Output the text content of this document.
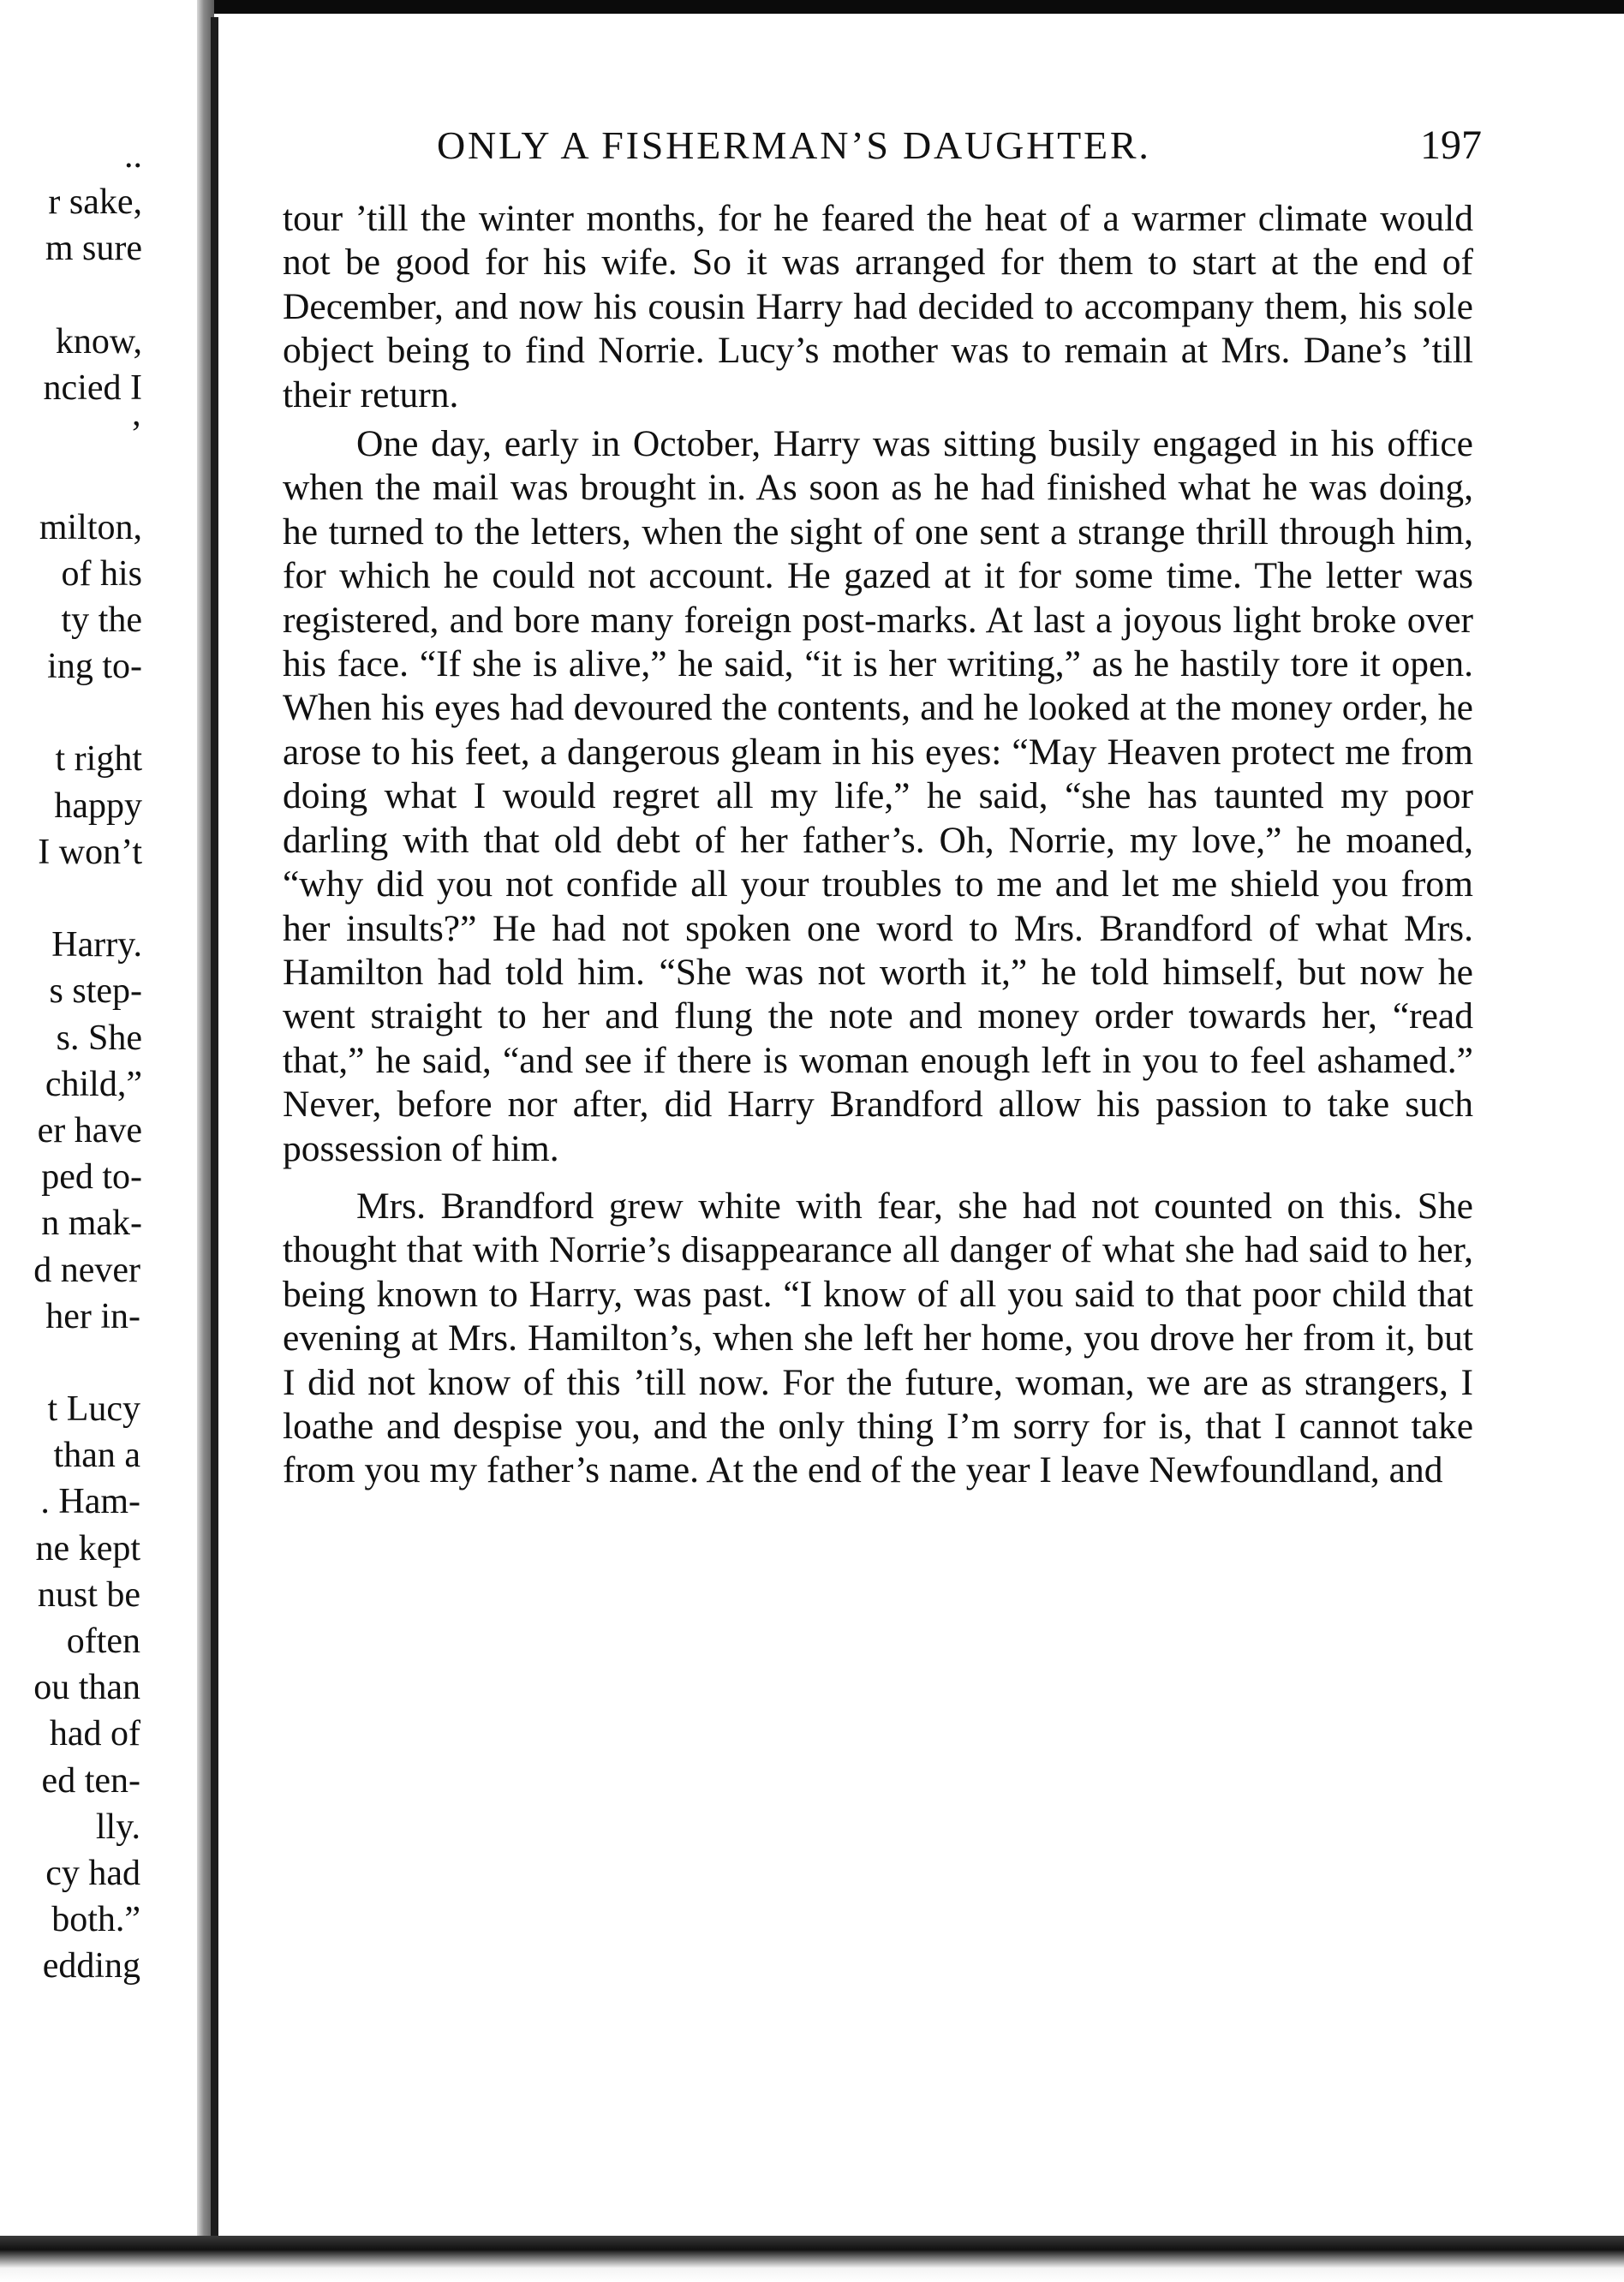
..
r sake,
m sure
know,
ncied I
’
milton,
of his
ty the
ing to-
t right
happy
I won’t
Harry.
s step-
s. She
child,”
er have
ped to-
n mak-
d never
her in-
t Lucy
than a
. Ham-
ne kept
nust be
often
ou than
had of
ed ten-
lly.
cy had
both.”
edding
ONLY A FISHERMAN’S DAUGHTER.	197

tour ’till the winter months, for he feared the heat of a warmer climate would not be good for his wife. So it was arranged for them to start at the end of December, and now his cousin Harry had decided to accompany them, his sole object being to find Norrie. Lucy’s mother was to remain at Mrs. Dane’s ’till their return.

One day, early in October, Harry was sitting busily engaged in his office when the mail was brought in. As soon as he had finished what he was doing, he turned to the letters, when the sight of one sent a strange thrill through him, for which he could not account. He gazed at it for some time. The letter was registered, and bore many foreign post-marks. At last a joyous light broke over his face. “If she is alive,” he said, “it is her writing,” as he hastily tore it open. When his eyes had devoured the contents, and he looked at the money order, he arose to his feet, a dangerous gleam in his eyes: “May Heaven protect me from doing what I would regret all my life,” he said, “she has taunted my poor darling with that old debt of her father’s. Oh, Norrie, my love,” he moaned, “why did you not confide all your troubles to me and let me shield you from her insults?” He had not spoken one word to Mrs. Brandford of what Mrs. Hamilton had told him. “She was not worth it,” he told himself, but now he went straight to her and flung the note and money order towards her, “read that,” he said, “and see if there is woman enough left in you to feel ashamed.” Never, before nor after, did Harry Brandford allow his passion to take such possession of him.

Mrs. Brandford grew white with fear, she had not counted on this. She thought that with Norrie’s disappearance all danger of what she had said to her, being known to Harry, was past. “I know of all you said to that poor child that evening at Mrs. Hamilton’s, when she left her home, you drove her from it, but I did not know of this ’till now. For the future, woman, we are as strangers, I loathe and despise you, and the only thing I’m sorry for is, that I cannot take from you my father’s name. At the end of the year I leave Newfoundland, and
